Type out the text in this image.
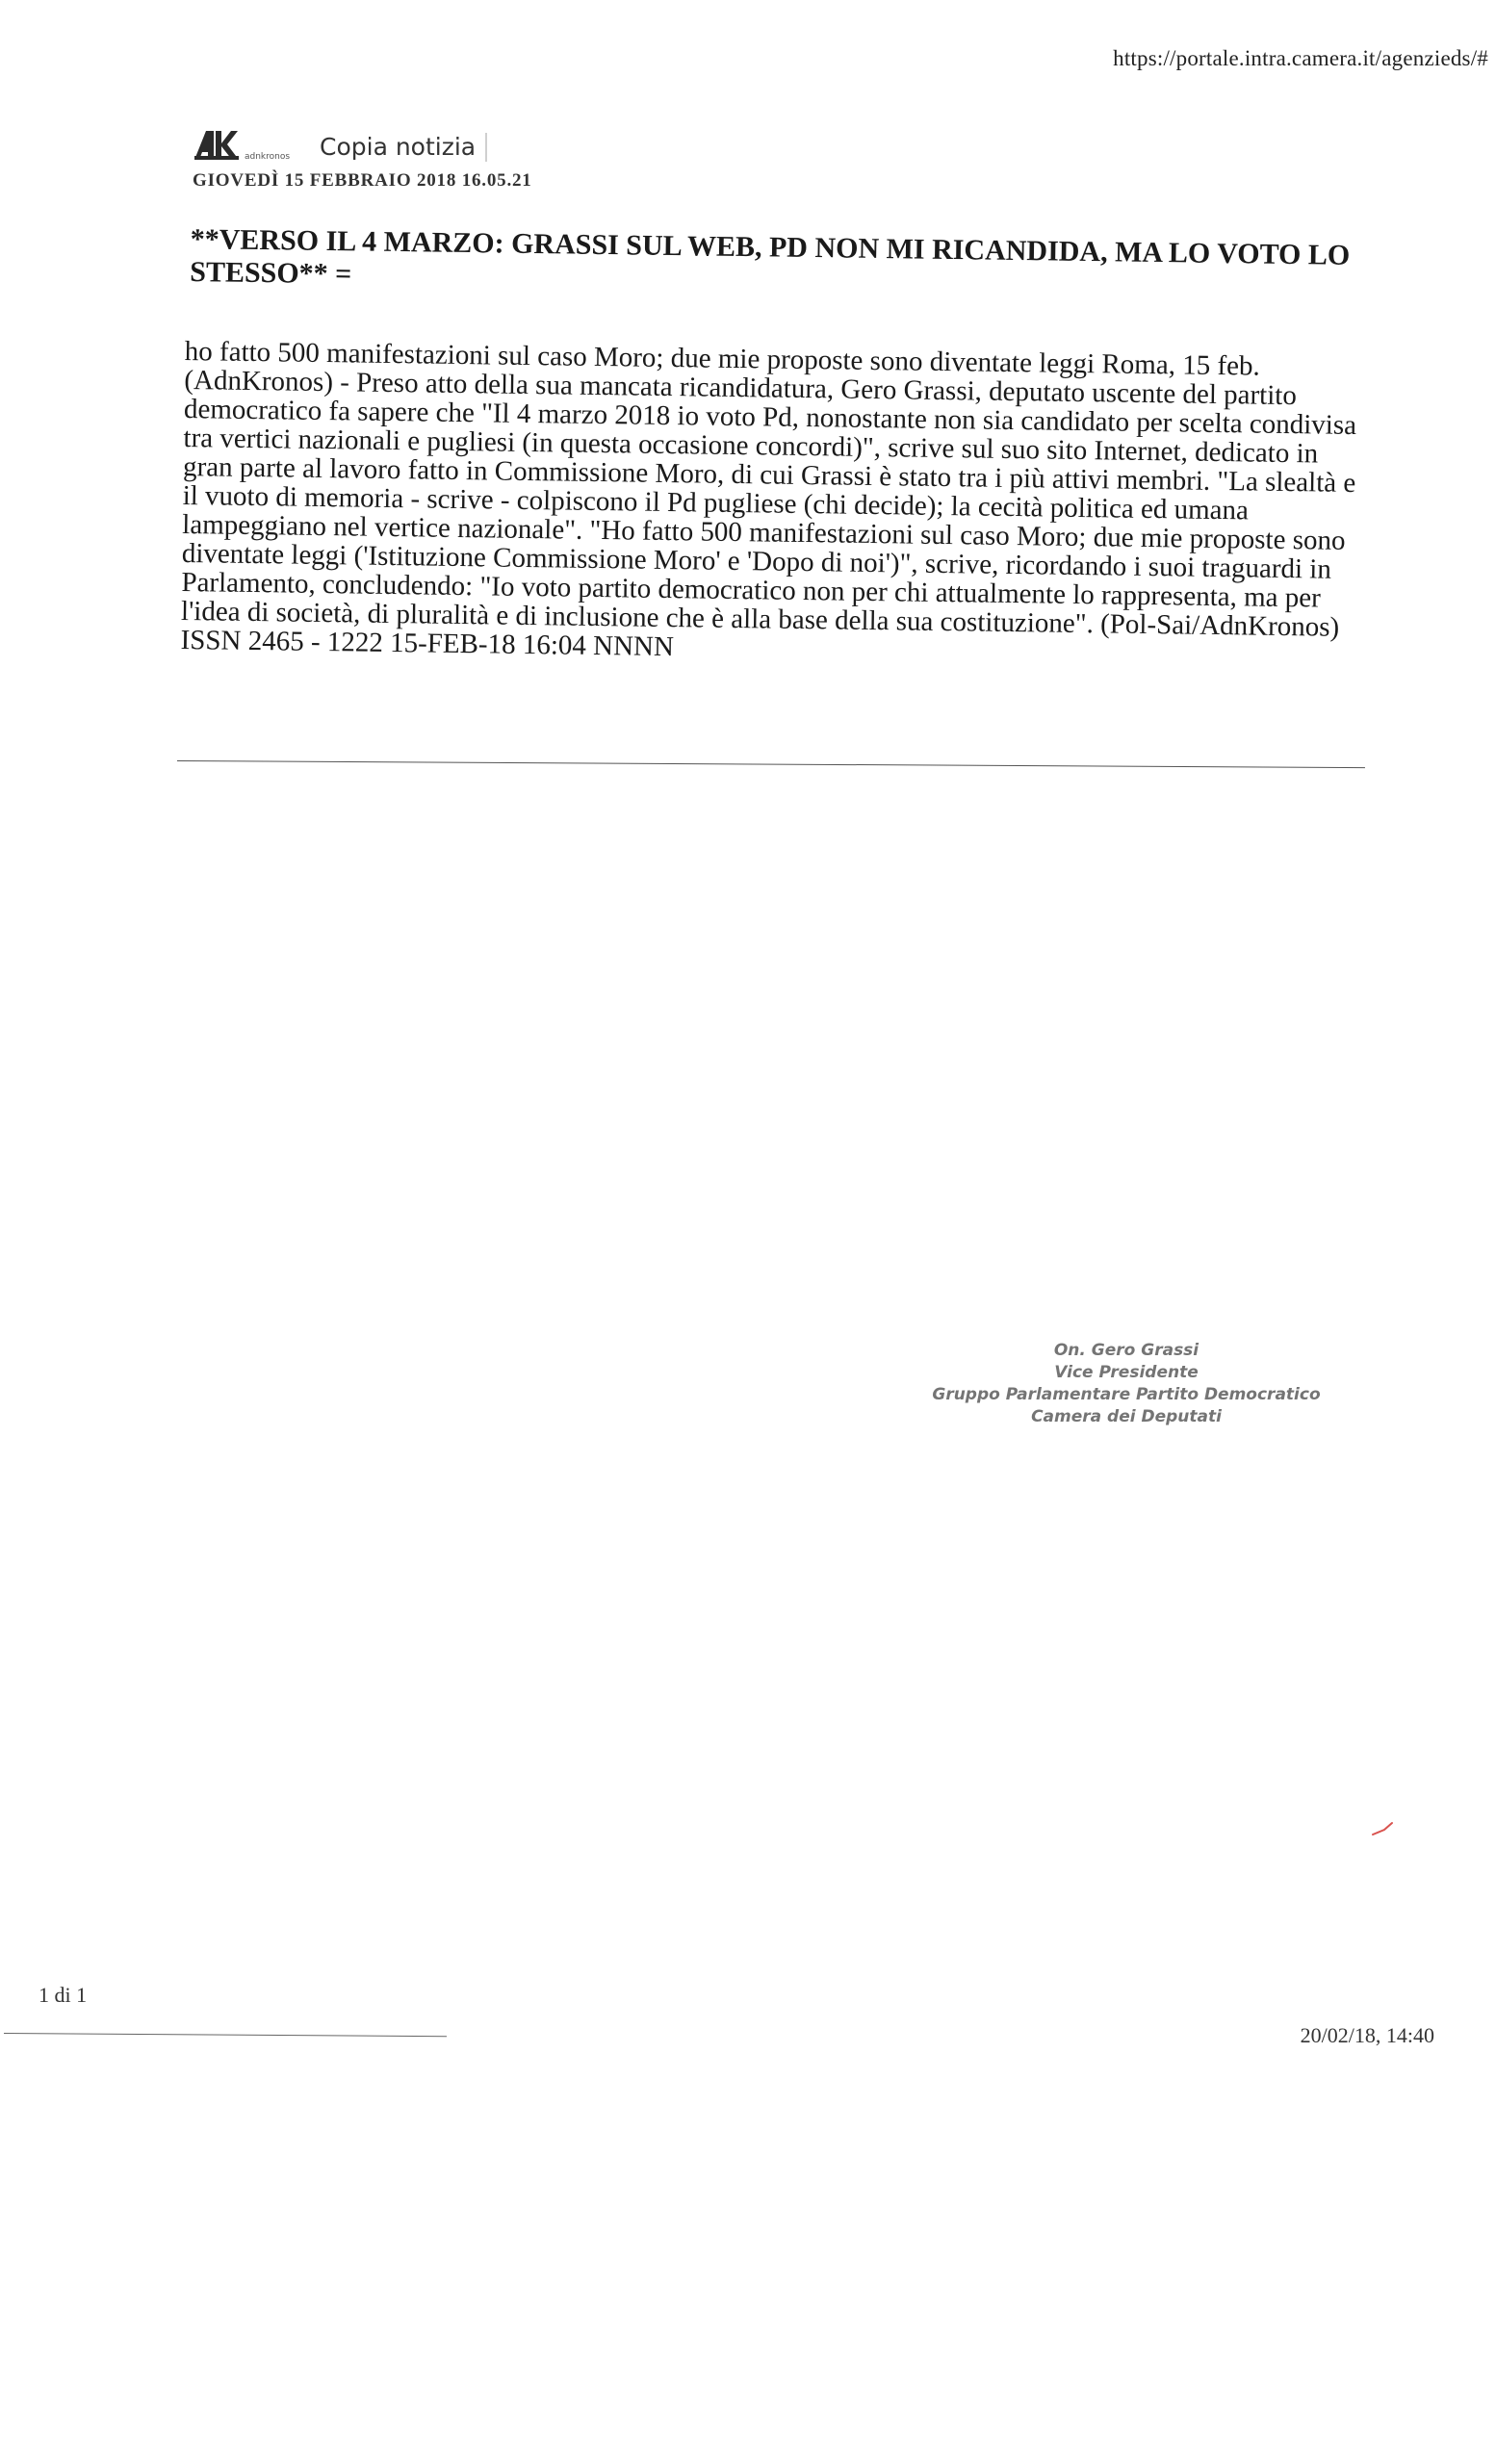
https://portale.intra.camera.it/agenzieds/#
adnkronos Copia notizia
GIOVEDÌ 15 FEBBRAIO 2018 16.05.21
**VERSO IL 4 MARZO: GRASSI SUL WEB, PD NON MI RICANDIDA, MA LO VOTO LO STESSO** =

ho fatto 500 manifestazioni sul caso Moro; due mie proposte sono diventate leggi Roma, 15 feb. (AdnKronos) - Preso atto della sua mancata ricandidatura, Gero Grassi, deputato uscente del partito democratico fa sapere che "Il 4 marzo 2018 io voto Pd, nonostante non sia candidato per scelta condivisa tra vertici nazionali e pugliesi (in questa occasione concordi)", scrive sul suo sito Internet, dedicato in gran parte al lavoro fatto in Commissione Moro, di cui Grassi è stato tra i più attivi membri. "La slealtà e il vuoto di memoria - scrive - colpiscono il Pd pugliese (chi decide); la cecità politica ed umana lampeggiano nel vertice nazionale". "Ho fatto 500 manifestazioni sul caso Moro; due mie proposte sono diventate leggi ('Istituzione Commissione Moro' e 'Dopo di noi')", scrive, ricordando i suoi traguardi in Parlamento, concludendo: "Io voto partito democratico non per chi attualmente lo rappresenta, ma per l'idea di società, di pluralità e di inclusione che è alla base della sua costituzione". (Pol-Sai/AdnKronos) ISSN 2465 - 1222 15-FEB-18 16:04 NNNN

On. Gero Grassi
Vice Presidente
Gruppo Parlamentare Partito Democratico
Camera dei Deputati
1 di 1
20/02/18, 14:40
